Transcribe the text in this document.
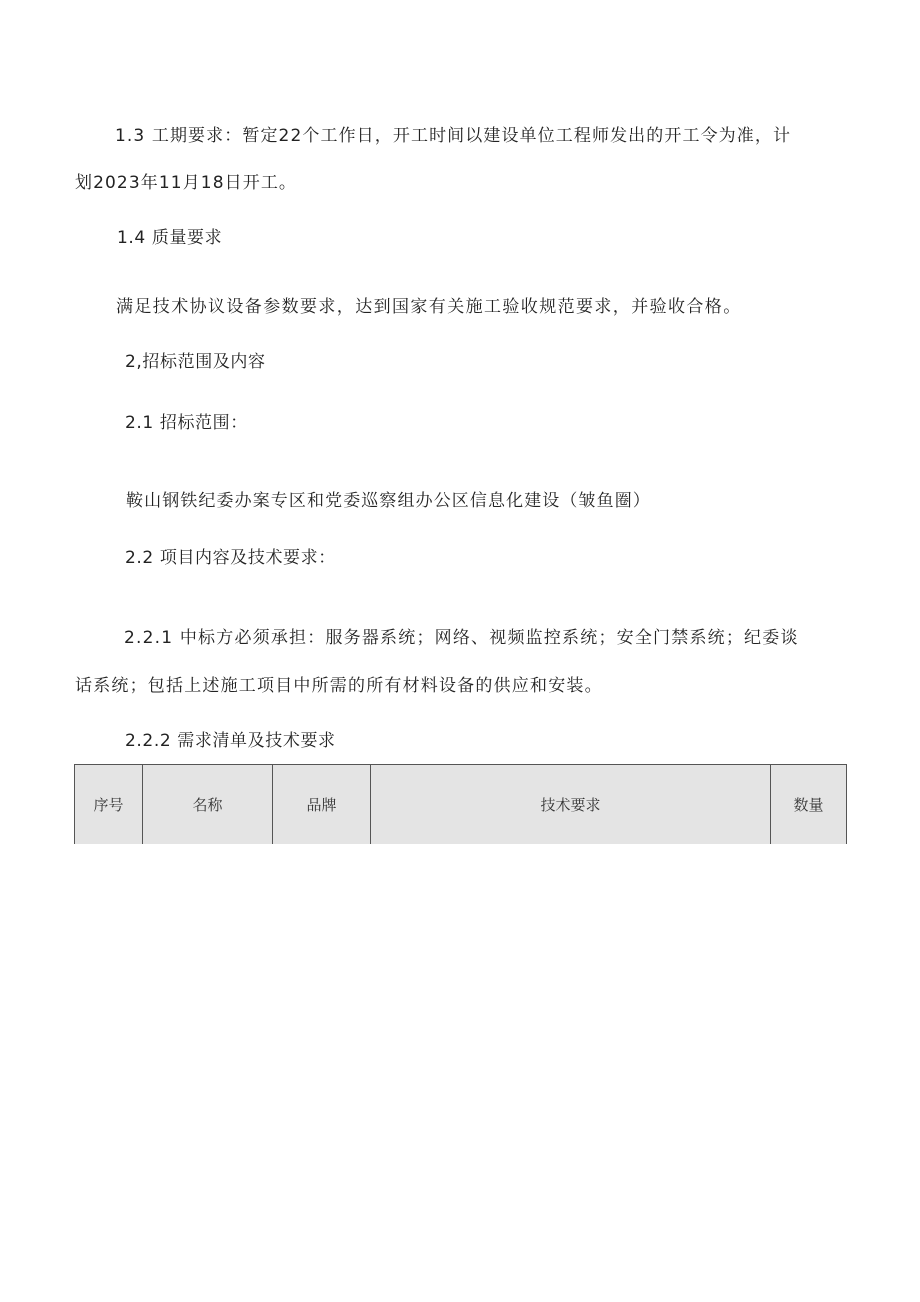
1.3 工期要求：暂定22个工作日，开工时间以建设单位工程师发出的开工令为准，计
划2023年11月18日开工。
1.4 质量要求
满足技术协议设备参数要求，达到国家有关施工验收规范要求，并验收合格。
2,招标范围及内容
2.1 招标范围：
鞍山钢铁纪委办案专区和党委巡察组办公区信息化建设（皱鱼圈）
2.2 项目内容及技术要求：
2.2.1 中标方必须承担：服务器系统；网络、视频监控系统；安全门禁系统；纪委谈
话系统；包括上述施工项目中所需的所有材料设备的供应和安装。
2.2.2 需求清单及技术要求
序号	名称	品牌	技术要求	数量
